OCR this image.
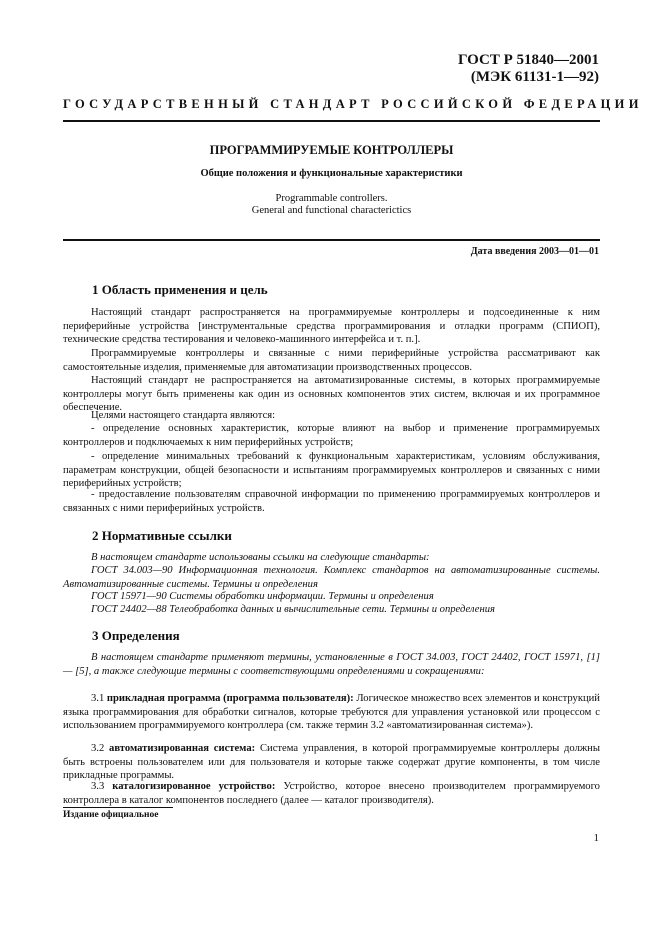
ГОСТ Р 51840—2001
(МЭК 61131-1—92)
ГОСУДАРСТВЕННЫЙ СТАНДАРТ РОССИЙСКОЙ ФЕДЕРАЦИИ
ПРОГРАММИРУЕМЫЕ КОНТРОЛЛЕРЫ
Общие положения и функциональные характеристики
Programmable controllers.
General and functional characterictics
Дата введения 2003—01—01
1 Область применения и цель

Настоящий стандарт распространяется на программируемые контроллеры и подсоединенные к ним периферийные устройства [инструментальные средства программирования и отладки программ (СПИОП), технические средства тестирования и человеко-машинного интерфейса и т. п.].

Программируемые контроллеры и связанные с ними периферийные устройства рассматривают как самостоятельные изделия, применяемые для автоматизации производственных процессов.

Настоящий стандарт не распространяется на автоматизированные системы, в которых программируемые контроллеры могут быть применены как один из основных компонентов этих систем, включая и их программное обеспечение.

Целями настоящего стандарта являются:

- определение основных характеристик, которые влияют на выбор и применение программируемых контроллеров и подключаемых к ним периферийных устройств;

- определение минимальных требований к функциональным характеристикам, условиям обслуживания, параметрам конструкции, общей безопасности и испытаниям программируемых контроллеров и связанных с ними периферийных устройств;

- предоставление пользователям справочной информации по применению программируемых контроллеров и связанных с ними периферийных устройств.

2 Нормативные ссылки

В настоящем стандарте использованы ссылки на следующие стандарты:

ГОСТ 34.003—90 Информационная технология. Комплекс стандартов на автоматизированные системы. Автоматизированные системы. Термины и определения

ГОСТ 15971—90 Системы обработки информации. Термины и определения

ГОСТ 24402—88 Телеобработка данных и вычислительные сети. Термины и определения

3 Определения

В настоящем стандарте применяют термины, установленные в ГОСТ 34.003, ГОСТ 24402, ГОСТ 15971, [1] — [5], а также следующие термины с соответствующими определениями и сокращениями:

3.1 прикладная программа (программа пользователя): Логическое множество всех элементов и конструкций языка программирования для обработки сигналов, которые требуются для управления установкой или процессом с использованием программируемого контроллера (см. также термин 3.2 «автоматизированная система»).

3.2 автоматизированная система: Система управления, в которой программируемые контроллеры должны быть встроены пользователем или для пользователя и которые также содержат другие компоненты, в том числе прикладные программы.

3.3 каталогизированное устройство: Устройство, которое внесено производителем программируемого контроллера в каталог компонентов последнего (далее — каталог производителя).

Издание официальное
1
